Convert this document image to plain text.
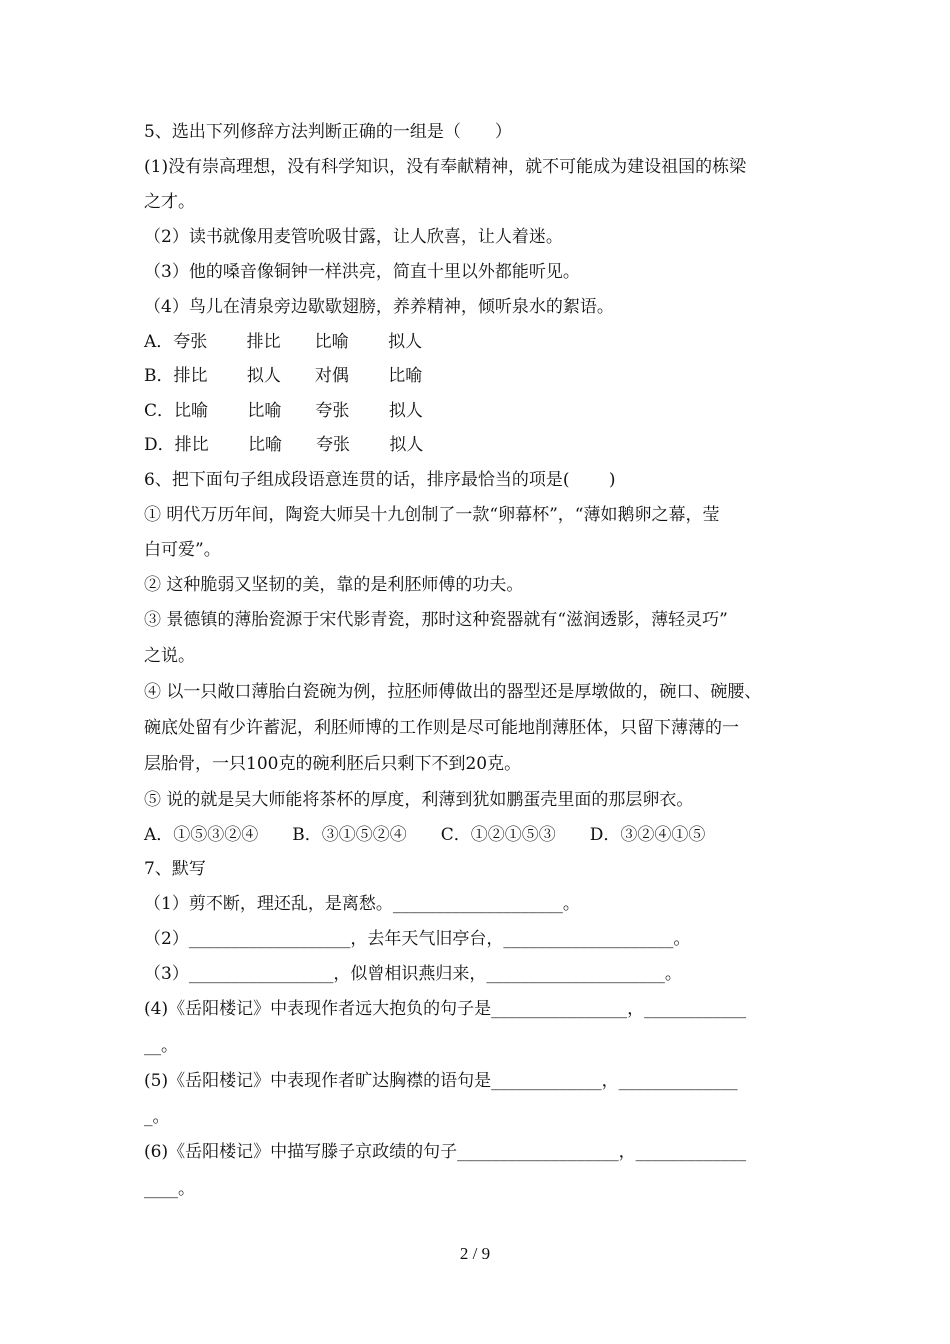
5、选出下列修辞方法判断正确的一组是（　　）
(1)没有崇高理想，没有科学知识，没有奉献精神，就不可能成为建设祖国的栋梁
之才。
（2）读书就像用麦管吮吸甘露，让人欣喜，让人着迷。
（3）他的嗓音像铜钟一样洪亮，简直十里以外都能听见。
（4）鸟儿在清泉旁边歇歇翅膀，养养精神，倾听泉水的絮语。
A．夸张　　 排比　　比喻　　 拟人
B．排比　　 拟人　　对偶　　 比喻
C．比喻　　 比喻　　夸张　　 拟人
D．排比　　 比喻　　夸张　　 拟人
6、把下面句子组成段语意连贯的话，排序最恰当的项是(　　 )
① 明代万历年间，陶瓷大师吴十九创制了一款“卵幕杯”，“薄如鹅卵之幕，莹
白可爱”。
② 这种脆弱又坚韧的美，靠的是利胚师傅的功夫。
③ 景德镇的薄胎瓷源于宋代影青瓷，那时这种瓷器就有“滋润透影，薄轻灵巧”
之说。
④ 以一只敞口薄胎白瓷碗为例，拉胚师傅做出的器型还是厚墩做的，碗口、碗腰、
碗底处留有少许蓄泥，利胚师博的工作则是尽可能地削薄胚体，只留下薄薄的一
层胎骨，一只100克的碗利胚后只剩下不到20克。
⑤ 说的就是吴大师能将茶杯的厚度，利薄到犹如鹏蛋壳里面的那层卵衣。
A．①⑤③②④　　B．③①⑤②④　　C．①②①⑤③　　D．③②④①⑤
7、默写
（1）剪不断，理还乱，是离愁。____________________。
（2）___________________，去年天气旧亭台，____________________。
（3）_________________，似曾相识燕归来，_____________________。
(4)《岳阳楼记》中表现作者远大抱负的句子是________________，____________
__。
(5)《岳阳楼记》中表现作者旷达胸襟的语句是_____________，______________
_。
(6)《岳阳楼记》中描写滕子京政绩的句子___________________，_____________
____。
2 / 9
